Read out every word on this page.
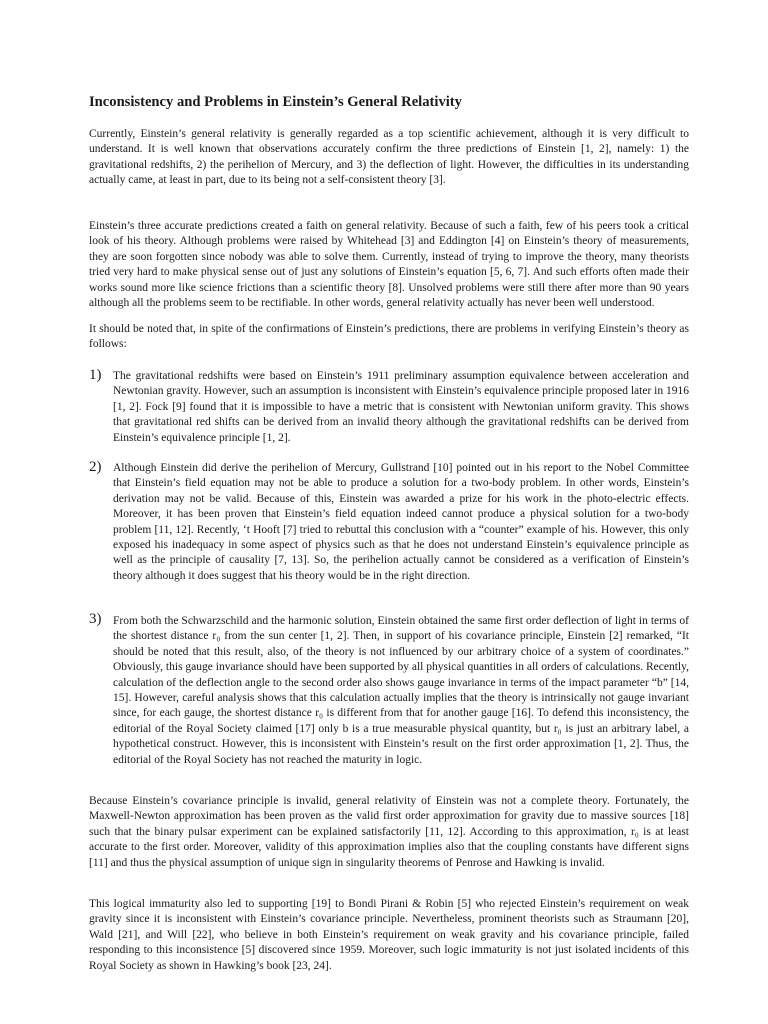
Inconsistency and Problems in Einstein’s General Relativity

Currently, Einstein’s general relativity is generally regarded as a top scientific achievement, although it is very difficult to understand. It is well known that observations accurately confirm the three predictions of Einstein [1, 2], namely: 1) the gravitational redshifts, 2) the perihelion of Mercury, and 3) the deflection of light. However, the difficulties in its understanding actually came, at least in part, due to its being not a self-consistent theory [3].

Einstein’s three accurate predictions created a faith on general relativity. Because of such a faith, few of his peers took a critical look of his theory. Although problems were raised by Whitehead [3] and Eddington [4] on Einstein’s theory of measurements, they are soon forgotten since nobody was able to solve them. Currently, instead of trying to improve the theory, many theorists tried very hard to make physical sense out of just any solutions of Einstein’s equation [5, 6, 7]. And such efforts often made their works sound more like science frictions than a scientific theory [8]. Unsolved problems were still there after more than 90 years although all the problems seem to be rectifiable. In other words, general relativity actually has never been well understood.

It should be noted that, in spite of the confirmations of Einstein’s predictions, there are problems in verifying Einstein’s theory as follows:

1) The gravitational redshifts were based on Einstein’s 1911 preliminary assumption equivalence between acceleration and Newtonian gravity. However, such an assumption is inconsistent with Einstein’s equivalence principle proposed later in 1916 [1, 2]. Fock [9] found that it is impossible to have a metric that is consistent with Newtonian uniform gravity. This shows that gravitational red shifts can be derived from an invalid theory although the gravitational redshifts can be derived from Einstein’s equivalence principle [1, 2].

2) Although Einstein did derive the perihelion of Mercury, Gullstrand [10] pointed out in his report to the Nobel Committee that Einstein’s field equation may not be able to produce a solution for a two-body problem. In other words, Einstein’s derivation may not be valid. Because of this, Einstein was awarded a prize for his work in the photo-electric effects. Moreover, it has been proven that Einstein’s field equation indeed cannot produce a physical solution for a two-body problem [11, 12]. Recently, ‘t Hooft [7] tried to rebuttal this conclusion with a “counter” example of his. However, this only exposed his inadequacy in some aspect of physics such as that he does not understand Einstein’s equivalence principle as well as the principle of causality [7, 13]. So, the perihelion actually cannot be considered as a verification of Einstein’s theory although it does suggest that his theory would be in the right direction.

3) From both the Schwarzschild and the harmonic solution, Einstein obtained the same first order deflection of light in terms of the shortest distance r₀ from the sun center [1, 2]. Then, in support of his covariance principle, Einstein [2] remarked, “It should be noted that this result, also, of the theory is not influenced by our arbitrary choice of a system of coordinates.” Obviously, this gauge invariance should have been supported by all physical quantities in all orders of calculations. Recently, calculation of the deflection angle to the second order also shows gauge invariance in terms of the impact parameter “b” [14, 15]. However, careful analysis shows that this calculation actually implies that the theory is intrinsically not gauge invariant since, for each gauge, the shortest distance r₀ is different from that for another gauge [16]. To defend this inconsistency, the editorial of the Royal Society claimed [17] only b is a true measurable physical quantity, but r₀ is just an arbitrary label, a hypothetical construct. However, this is inconsistent with Einstein’s result on the first order approximation [1, 2]. Thus, the editorial of the Royal Society has not reached the maturity in logic.

Because Einstein’s covariance principle is invalid, general relativity of Einstein was not a complete theory. Fortunately, the Maxwell-Newton approximation has been proven as the valid first order approximation for gravity due to massive sources [18] such that the binary pulsar experiment can be explained satisfactorily [11, 12]. According to this approximation, r₀ is at least accurate to the first order. Moreover, validity of this approximation implies also that the coupling constants have different signs [11] and thus the physical assumption of unique sign in singularity theorems of Penrose and Hawking is invalid.

This logical immaturity also led to supporting [19] to Bondi Pirani & Robin [5] who rejected Einstein’s requirement on weak gravity since it is inconsistent with Einstein’s covariance principle. Nevertheless, prominent theorists such as Straumann [20], Wald [21], and Will [22], who believe in both Einstein’s requirement on weak gravity and his covariance principle, failed responding to this inconsistence [5] discovered since 1959. Moreover, such logic immaturity is not just isolated incidents of this Royal Society as shown in Hawking’s book [23, 24].
